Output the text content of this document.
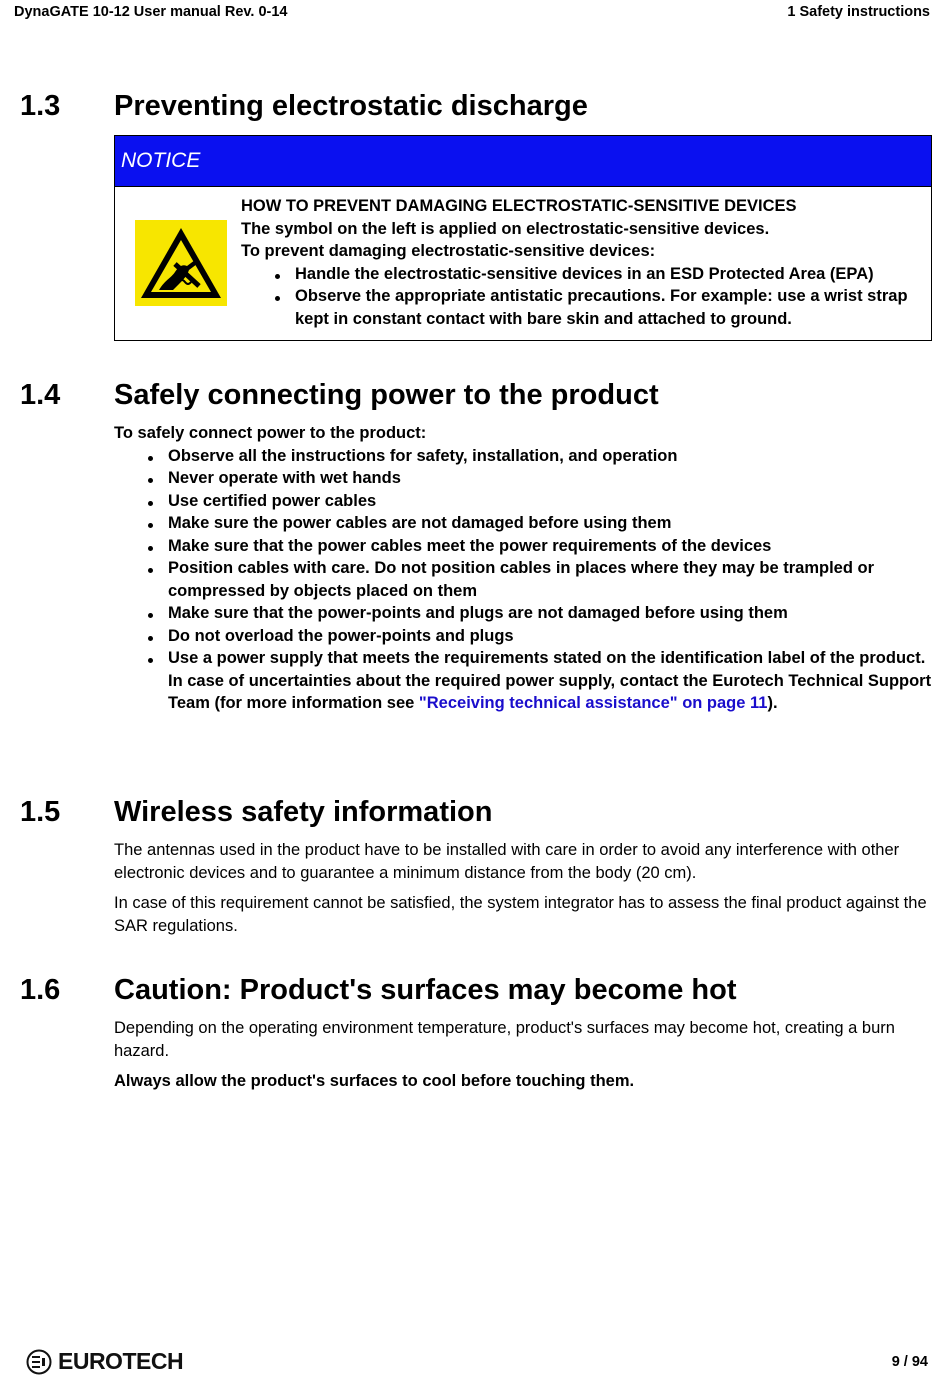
DynaGATE 10-12 User manual Rev. 0-14	1 Safety instructions
1.3	Preventing electrostatic discharge
NOTICE

HOW TO PREVENT DAMAGING ELECTROSTATIC-SENSITIVE DEVICES

The symbol on the left is applied on electrostatic-sensitive devices.

To prevent damaging electrostatic-sensitive devices:

Handle the electrostatic-sensitive devices in an ESD Protected Area (EPA)
Observe the appropriate antistatic precautions. For example: use a wrist strap kept in constant contact with bare skin and attached to ground.
1.4	Safely connecting power to the product
To safely connect power to the product:
Observe all the instructions for safety, installation, and operation
Never operate with wet hands
Use certified power cables
Make sure the power cables are not damaged before using them
Make sure that the power cables meet the power requirements of the devices
Position cables with care. Do not position cables in places where they may be trampled or compressed by objects placed on them
Make sure that the power-points and plugs are not damaged before using them
Do not overload the power-points and plugs
Use a power supply that meets the requirements stated on the identification label of the product. In case of uncertainties about the required power supply, contact the Eurotech Technical Support Team (for more information see "Receiving technical assistance" on page 11).
1.5	Wireless safety information

The antennas used in the product have to be installed with care in order to avoid any interference with other electronic devices and to guarantee a minimum distance from the body (20 cm).

In case of this requirement cannot be satisfied, the system integrator has to assess the final product against the SAR regulations.

1.6	Caution: Product's surfaces may become hot

Depending on the operating environment temperature, product's surfaces may become hot, creating a burn hazard.

Always allow the product's surfaces to cool before touching them.

EUROTECH	9 / 94
